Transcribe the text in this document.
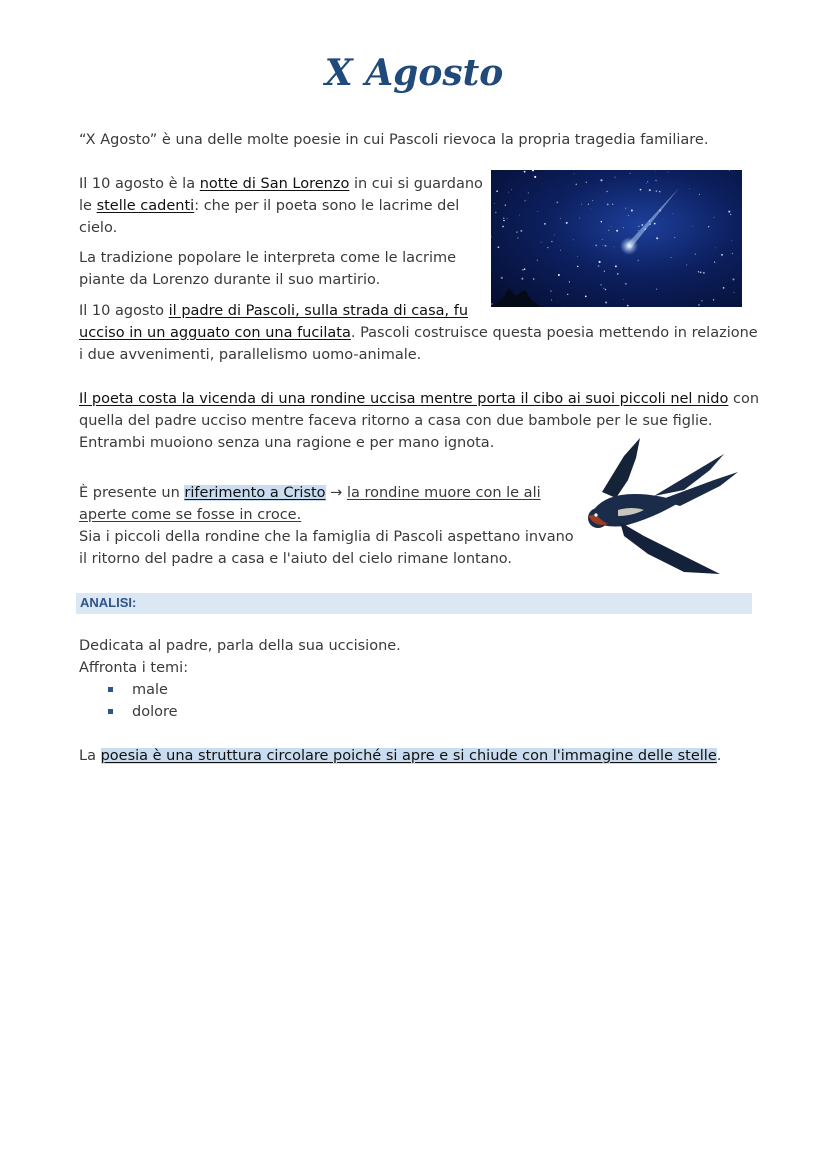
X Agosto
“X Agosto” è una delle molte poesie in cui Pascoli rievoca la propria tragedia familiare.
Il 10 agosto è la notte di San Lorenzo in cui si guardano
le stelle cadenti: che per il poeta sono le lacrime del
cielo.
La tradizione popolare le interpreta come le lacrime
piante da Lorenzo durante il suo martirio.
Il 10 agosto il padre di Pascoli, sulla strada di casa, fu
ucciso in un agguato con una fucilata. Pascoli costruisce questa poesia mettendo in relazione
i due avvenimenti, parallelismo uomo-animale.
Il poeta costa la vicenda di una rondine uccisa mentre porta il cibo ai suoi piccoli nel nido con
quella del padre ucciso mentre faceva ritorno a casa con due bambole per le sue figlie.
Entrambi muoiono senza una ragione e per mano ignota.
È presente un riferimento a Cristo → la rondine muore con le ali
aperte come se fosse in croce.
Sia i piccoli della rondine che la famiglia di Pascoli aspettano invano
il ritorno del padre a casa e l'aiuto del cielo rimane lontano.
ANALISI:
Dedicata al padre, parla della sua uccisione.
Affronta i temi:
male
dolore
La poesia è una struttura circolare poiché si apre e si chiude con l'immagine delle stelle.
